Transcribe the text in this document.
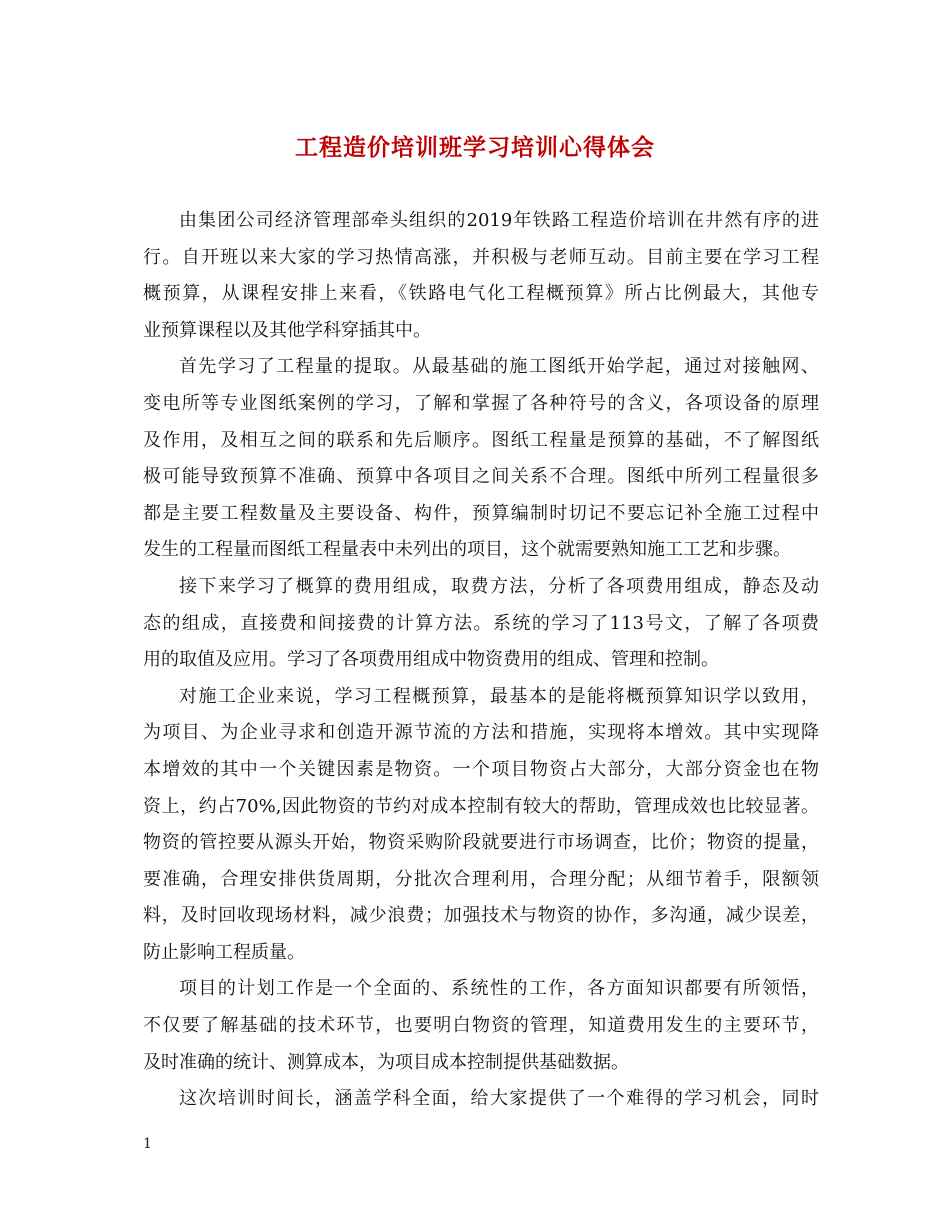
工程造价培训班学习培训心得体会
由集团公司经济管理部牵头组织的2019年铁路工程造价培训在井然有序的进
行。自开班以来大家的学习热情高涨，并积极与老师互动。目前主要在学习工程
概预算，从课程安排上来看，《铁路电气化工程概预算》所占比例最大，其他专
业预算课程以及其他学科穿插其中。
首先学习了工程量的提取。从最基础的施工图纸开始学起，通过对接触网、
变电所等专业图纸案例的学习，了解和掌握了各种符号的含义，各项设备的原理
及作用，及相互之间的联系和先后顺序。图纸工程量是预算的基础，不了解图纸
极可能导致预算不准确、预算中各项目之间关系不合理。图纸中所列工程量很多
都是主要工程数量及主要设备、构件，预算编制时切记不要忘记补全施工过程中
发生的工程量而图纸工程量表中未列出的项目，这个就需要熟知施工工艺和步骤。
接下来学习了概算的费用组成，取费方法，分析了各项费用组成，静态及动
态的组成，直接费和间接费的计算方法。系统的学习了113号文，了解了各项费
用的取值及应用。学习了各项费用组成中物资费用的组成、管理和控制。
对施工企业来说，学习工程概预算，最基本的是能将概预算知识学以致用，
为项目、为企业寻求和创造开源节流的方法和措施，实现将本增效。其中实现降
本增效的其中一个关键因素是物资。一个项目物资占大部分，大部分资金也在物
资上，约占70%,因此物资的节约对成本控制有较大的帮助，管理成效也比较显著。
物资的管控要从源头开始，物资采购阶段就要进行市场调查，比价；物资的提量，
要准确，合理安排供货周期，分批次合理利用，合理分配；从细节着手，限额领
料，及时回收现场材料，减少浪费；加强技术与物资的协作，多沟通，减少误差，
防止影响工程质量。
项目的计划工作是一个全面的、系统性的工作，各方面知识都要有所领悟，
不仅要了解基础的技术环节，也要明白物资的管理，知道费用发生的主要环节，
及时准确的统计、测算成本，为项目成本控制提供基础数据。
这次培训时间长，涵盖学科全面，给大家提供了一个难得的学习机会，同时
1
